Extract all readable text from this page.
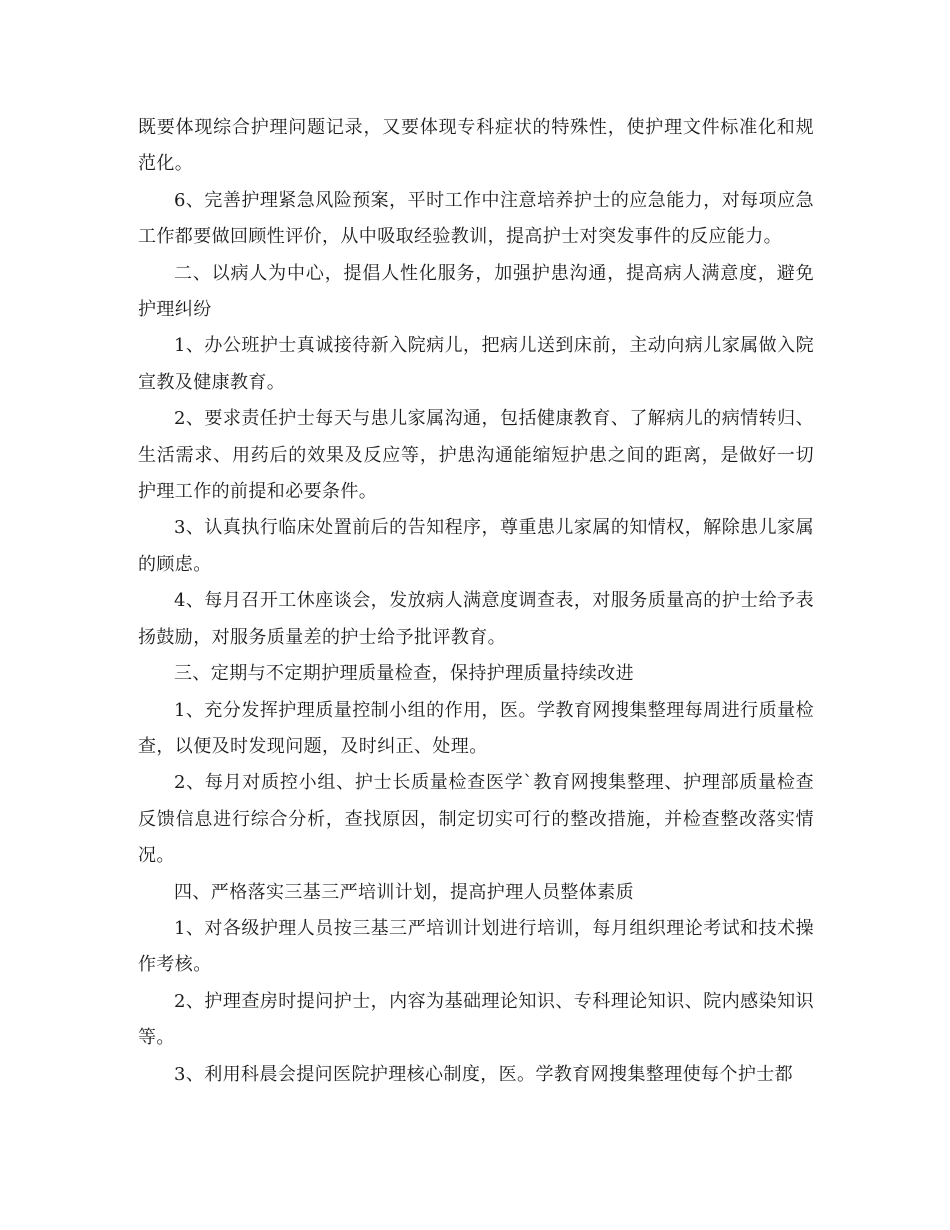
既要体现综合护理问题记录，又要体现专科症状的特殊性，使护理文件标准化和规范化。

6、完善护理紧急风险预案，平时工作中注意培养护士的应急能力，对每项应急工作都要做回顾性评价，从中吸取经验教训，提高护士对突发事件的反应能力。

二、以病人为中心，提倡人性化服务，加强护患沟通，提高病人满意度，避免护理纠纷

1、办公班护士真诚接待新入院病儿，把病儿送到床前，主动向病儿家属做入院宣教及健康教育。

2、要求责任护士每天与患儿家属沟通，包括健康教育、了解病儿的病情转归、生活需求、用药后的效果及反应等，护患沟通能缩短护患之间的距离，是做好一切护理工作的前提和必要条件。

3、认真执行临床处置前后的告知程序，尊重患儿家属的知情权，解除患儿家属的顾虑。

4、每月召开工休座谈会，发放病人满意度调查表，对服务质量高的护士给予表扬鼓励，对服务质量差的护士给予批评教育。

三、定期与不定期护理质量检查，保持护理质量持续改进

1、充分发挥护理质量控制小组的作用，医。学教育网搜集整理每周进行质量检查，以便及时发现问题，及时纠正、处理。

2、每月对质控小组、护士长质量检查医学`教育网搜集整理、护理部质量检查反馈信息进行综合分析，查找原因，制定切实可行的整改措施，并检查整改落实情况。

四、严格落实三基三严培训计划，提高护理人员整体素质

1、对各级护理人员按三基三严培训计划进行培训，每月组织理论考试和技术操作考核。

2、护理查房时提问护士，内容为基础理论知识、专科理论知识、院内感染知识等。

3、利用科晨会提问医院护理核心制度，医。学教育网搜集整理使每个护士都
